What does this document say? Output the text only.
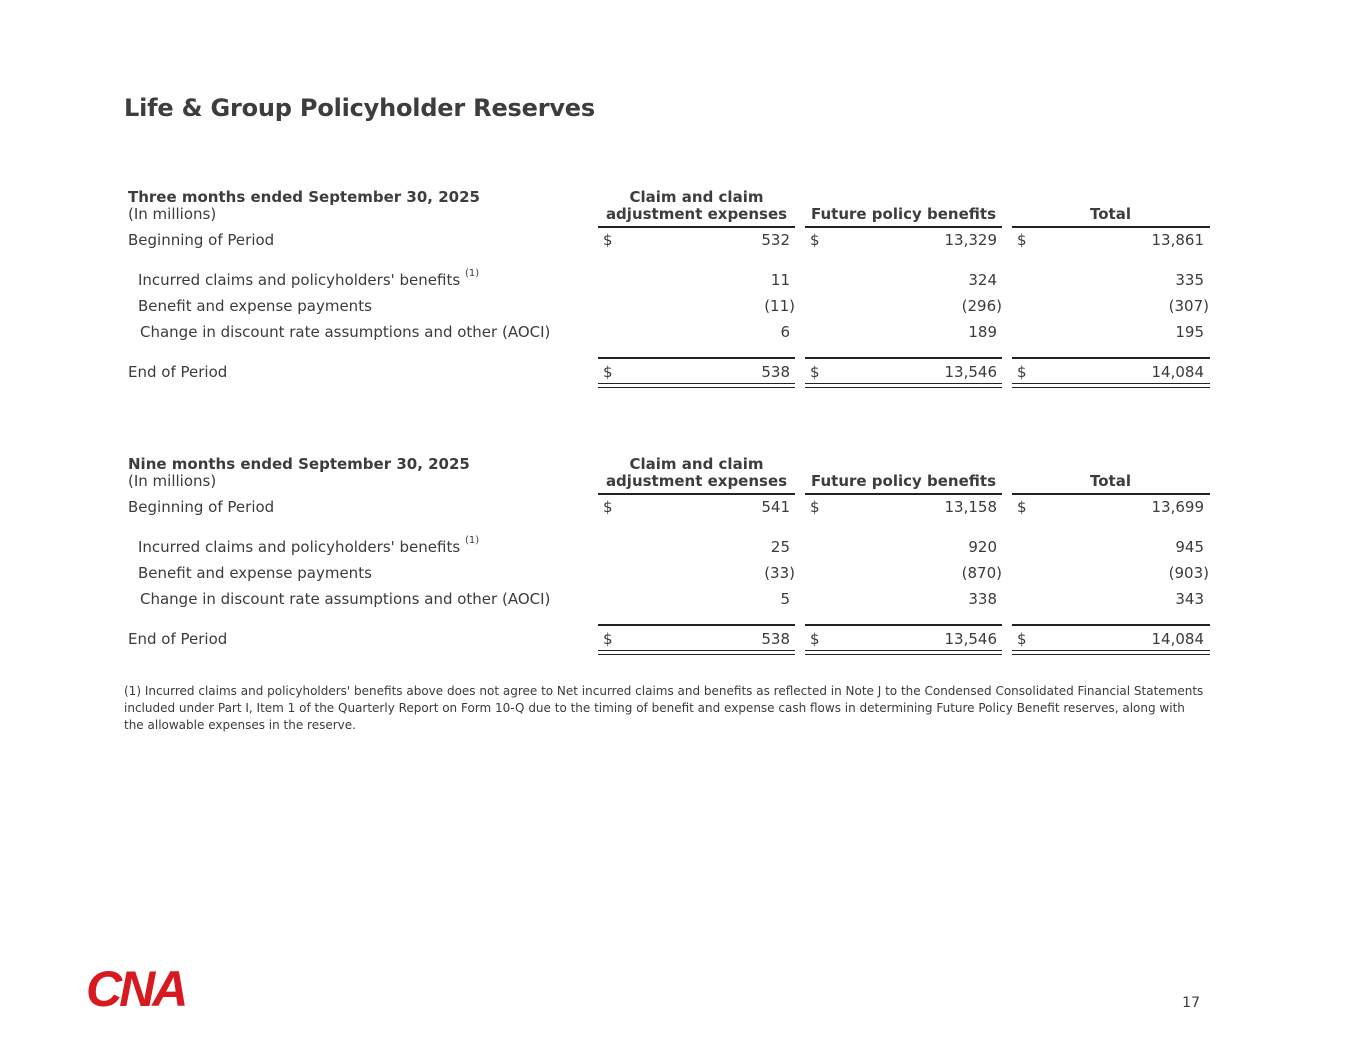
Life & Group Policyholder Reserves
Three months ended September 30, 2025
(In millions)
Claim and claim
adjustment expenses	Future policy benefits	Total
Beginning of Period	$	532 $	13,329 $	13,861
Incurred claims and policyholders' benefits $^{(1)}$	11	324	335
Benefit and expense payments	(11)	(296)	(307)
Change in discount rate assumptions and other (AOCI)	6	189	195
End of Period	$	538 $	13,546 $	14,084
Nine months ended September 30, 2025
(In millions)
Claim and claim
adjustment expenses	Future policy benefits	Total
Beginning of Period	$	541 $	13,158 $	13,699
Incurred claims and policyholders' benefits $^{(1)}$	25	920	945
Benefit and expense payments	(33)	(870)	(903)
Change in discount rate assumptions and other (AOCI)	5	338	343
End of Period	$	538 $	13,546 $	14,084
(1) Incurred claims and policyholders' benefits above does not agree to Net incurred claims and benefits as reflected in Note J to the Condensed Consolidated Financial Statements included under Part I, Item 1 of the Quarterly Report on Form 10-Q due to the timing of benefit and expense cash flows in determining Future Policy Benefit reserves, along with the allowable expenses in the reserve.
CNA	17
